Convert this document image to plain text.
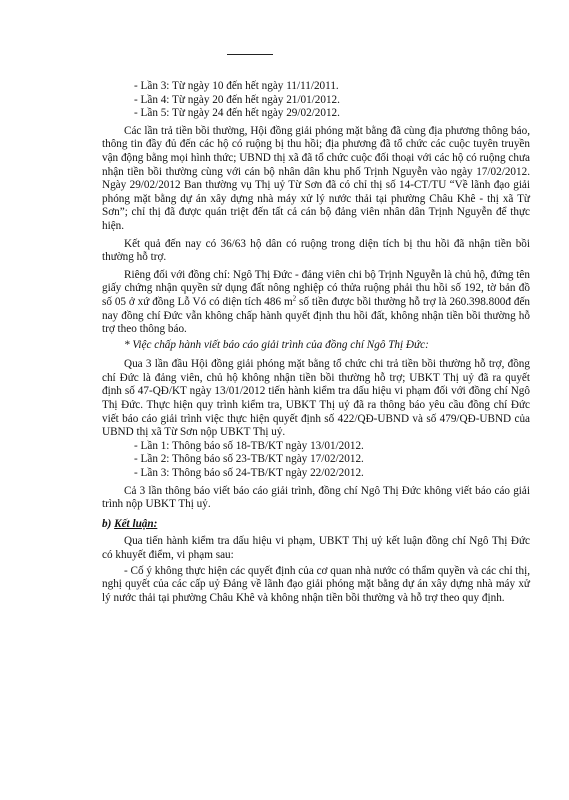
- Lần 3: Từ ngày 10 đến hết ngày 11/11/2011.

- Lần 4: Từ ngày 20 đến hết ngày 21/01/2012.

- Lần 5: Từ ngày 24 đến hết ngày 29/02/2012.

Các lần trả tiền bồi thường, Hội đồng giải phóng mặt bằng đã cùng địa phương thông báo, thông tin đầy đủ đến các hộ có ruộng bị thu hồi; địa phương đã tổ chức các cuộc tuyên truyền vận động bằng mọi hình thức; UBND thị xã đã tổ chức cuộc đối thoại với các hộ có ruộng chưa nhận tiền bồi thường cùng với cán bộ nhân dân khu phố Trịnh Nguyễn vào ngày 17/02/2012. Ngày 29/02/2012 Ban thường vụ Thị uỷ Từ Sơn đã có chỉ thị số 14-CT/TU “Về lãnh đạo giải phóng mặt bằng dự án xây dựng nhà máy xử lý nước thải tại phường Châu Khê - thị xã Từ Sơn”; chỉ thị đã được quán triệt đến tất cả cán bộ đảng viên nhân dân Trịnh Nguyễn để thực hiện.

Kết quả đến nay có 36/63 hộ dân có ruộng trong diện tích bị thu hồi đã nhận tiền bồi thường hỗ trợ.

Riêng đối với đồng chí: Ngô Thị Đức - đảng viên chi bộ Trịnh Nguyễn là chủ hộ, đứng tên giấy chứng nhận quyền sử dụng đất nông nghiệp có thửa ruộng phải thu hồi số 192, tờ bản đồ số 05 ở xứ đồng Lỗ Vó có diện tích 486 $m^2$ số tiền được bồi thường hỗ trợ là 260.398.800đ đến nay đồng chí Đức vẫn không chấp hành quyết định thu hồi đất, không nhận tiền bồi thường hỗ trợ theo thông báo.

* Việc chấp hành viết báo cáo giải trình của đồng chí Ngô Thị Đức:

Qua 3 lần đầu Hội đồng giải phóng mặt bằng tổ chức chi trả tiền bồi thường hỗ trợ, đồng chí Đức là đảng viên, chủ hộ không nhận tiền bồi thường hỗ trợ; UBKT Thị uỷ đã ra quyết định số 47-QĐ/KT ngày 13/01/2012 tiến hành kiểm tra dấu hiệu vi phạm đối với đồng chí Ngô Thị Đức. Thực hiện quy trình kiểm tra, UBKT Thị uỷ đã ra thông báo yêu cầu đồng chí Đức viết báo cáo giải trình việc thực hiện quyết định số 422/QĐ-UBND và số 479/QĐ-UBND của UBND thị xã Từ Sơn nộp UBKT Thị uỷ.

- Lần 1: Thông báo số 18-TB/KT ngày 13/01/2012.

- Lần 2: Thông báo số 23-TB/KT ngày 17/02/2012.

- Lần 3: Thông báo số 24-TB/KT ngày 22/02/2012.

Cả 3 lần thông báo viết báo cáo giải trình, đồng chí Ngô Thị Đức không viết báo cáo giải trình nộp UBKT Thị uỷ.

b) Kết luận:

Qua tiến hành kiểm tra dấu hiệu vi phạm, UBKT Thị uỷ kết luận đồng chí Ngô Thị Đức có khuyết điểm, vi phạm sau:

- Cố ý không thực hiện các quyết định của cơ quan nhà nước có thẩm quyền và các chỉ thị, nghị quyết của các cấp uỷ Đảng về lãnh đạo giải phóng mặt bằng dự án xây dựng nhà máy xử lý nước thải tại phường Châu Khê và không nhận tiền bồi thường và hỗ trợ theo quy định.
